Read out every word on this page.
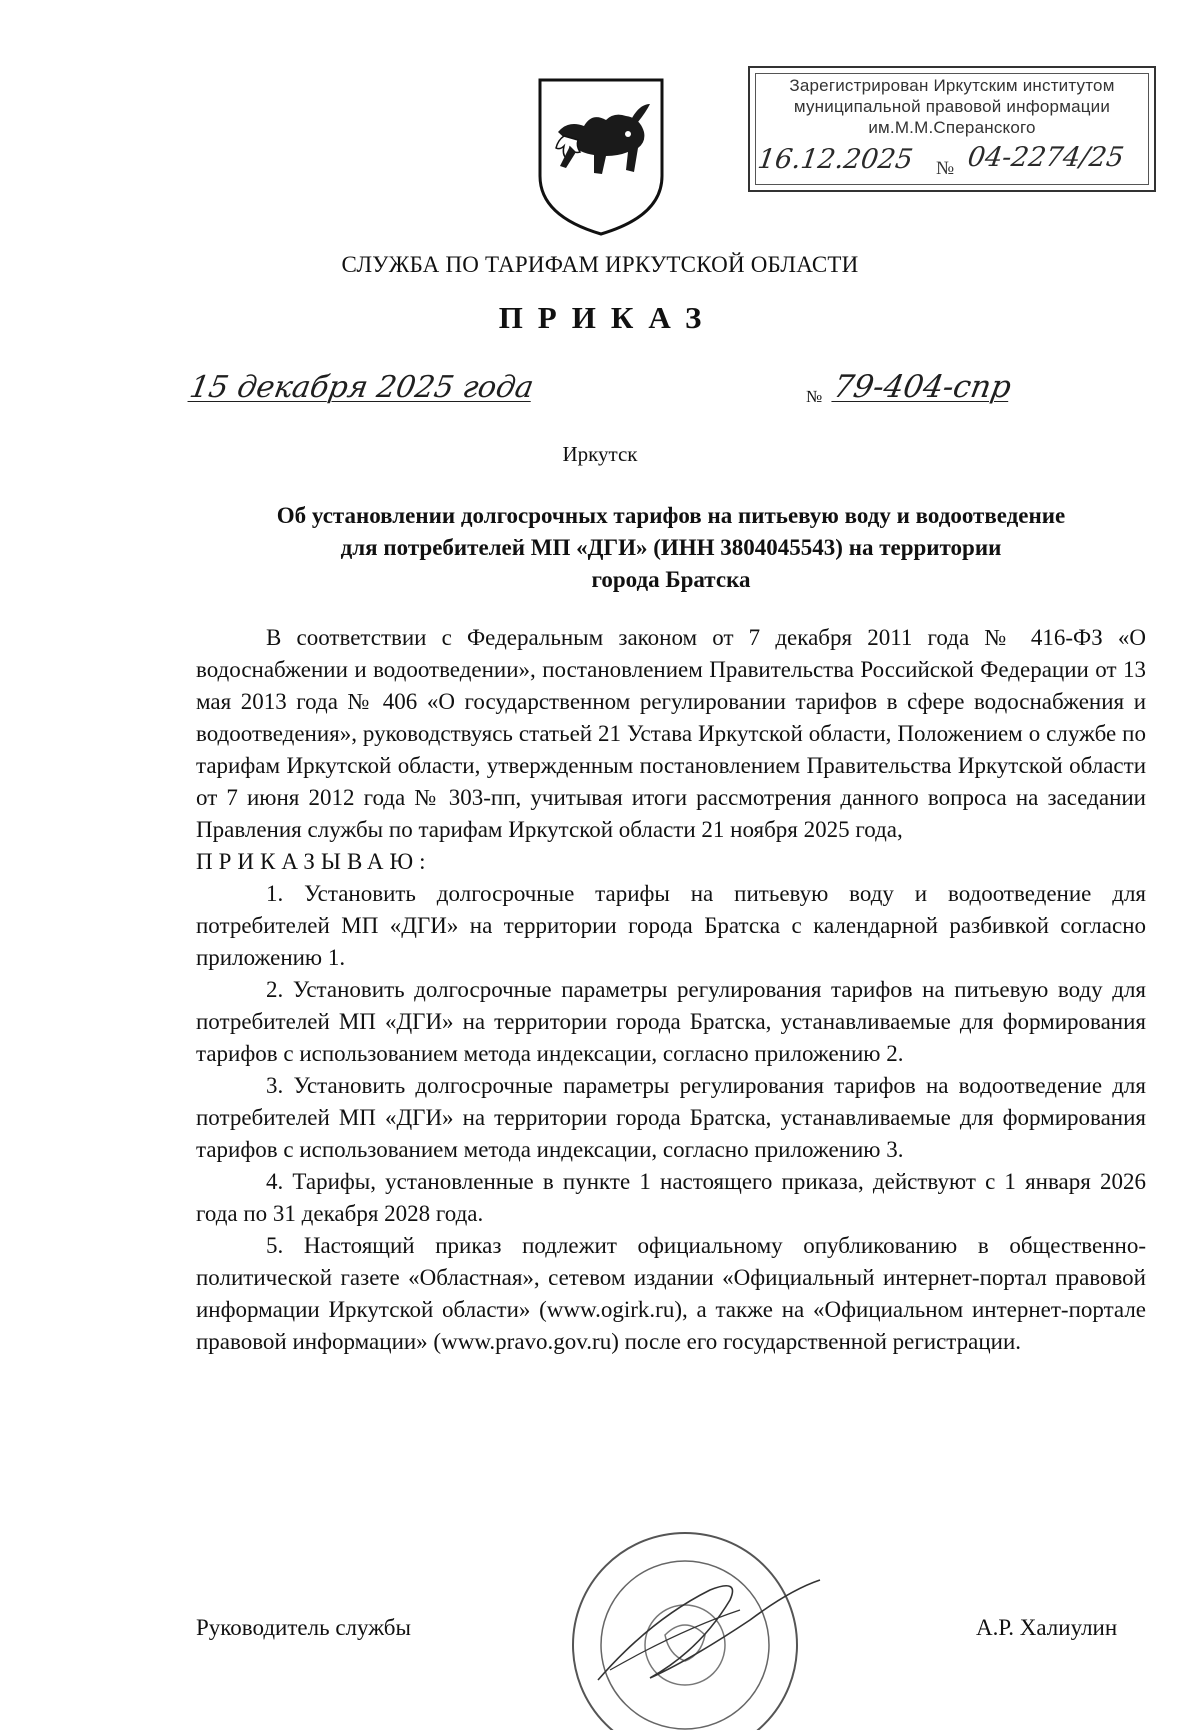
Зарегистрирован Иркутским институтом
муниципальной правовой информации
им.М.М.Сперанского
16.12.2025 № 04-2274/25
СЛУЖБА ПО ТАРИФАМ ИРКУТСКОЙ ОБЛАСТИ
ПРИКАЗ
15 декабря 2025 года	№ 79-404-спр
Иркутск
Об установлении долгосрочных тарифов на питьевую воду и водоотведение
для потребителей МП «ДГИ» (ИНН 3804045543) на территории
города Братска

В соответствии с Федеральным законом от 7 декабря 2011 года № 416-ФЗ «О водоснабжении и водоотведении», постановлением Правительства Российской Федерации от 13 мая 2013 года № 406 «О государственном регулировании тарифов в сфере водоснабжения и водоотведения», руководствуясь статьей 21 Устава Иркутской области, Положением о службе по тарифам Иркутской области, утвержденным постановлением Правительства Иркутской области от 7 июня 2012 года № 303-пп, учитывая итоги рассмотрения данного вопроса на заседании Правления службы по тарифам Иркутской области 21 ноября 2025 года,

ПРИКАЗЫВАЮ:

1. Установить долгосрочные тарифы на питьевую воду и водоотведение для потребителей МП «ДГИ» на территории города Братска с календарной разбивкой согласно приложению 1.

2. Установить долгосрочные параметры регулирования тарифов на питьевую воду для потребителей МП «ДГИ» на территории города Братска, устанавливаемые для формирования тарифов с использованием метода индексации, согласно приложению 2.

3. Установить долгосрочные параметры регулирования тарифов на водоотведение для потребителей МП «ДГИ» на территории города Братска, устанавливаемые для формирования тарифов с использованием метода индексации, согласно приложению 3.

4. Тарифы, установленные в пункте 1 настоящего приказа, действуют с 1 января 2026 года по 31 декабря 2028 года.

5. Настоящий приказ подлежит официальному опубликованию в общественно-политической газете «Областная», сетевом издании «Официальный интернет-портал правовой информации Иркутской области» (www.ogirk.ru), а также на «Официальном интернет-портале правовой информации» (www.pravo.gov.ru) после его государственной регистрации.

Руководитель службы	А.Р. Халиулин
